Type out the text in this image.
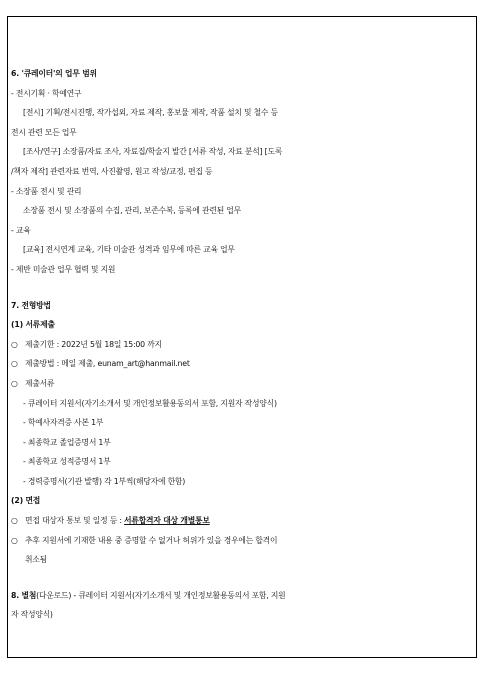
6. '큐레이터'의 업무 범위
- 전시기획 · 학예연구
[전시] 기획/전시진행, 작가섭외, 자료 제작, 홍보물 제작, 작품 설치 및 철수 등
전시 관련 모든 업무
[조사/연구] 소장품/자료 조사, 자료집/학술지 발간 [서류 작성, 자료 분석] [도록
/책자 제작] 관련자료 번역, 사진촬영, 원고 작성/교정, 편집 등
- 소장품 전시 및 관리
소장품 전시 및 소장품의 수집, 관리, 보존수복, 등록에 관련된 업무
- 교육
[교육] 전시연계 교육, 기타 미술관 성격과 임무에 따른 교육 업무
- 제반 미술관 업무 협력 및 지원
7. 전형방법
(1) 서류제출
○ 제출기한 : 2022년 5월 18일 15:00 까지
○ 제출방법 : 메일 제출, eunam_art@hanmail.net
○ 제출서류
- 큐레이터 지원서(자기소개서 및 개인정보활용동의서 포함, 지원자 작성양식)
- 학예사자격증 사본 1부
- 최종학교 졸업증명서 1부
- 최종학교 성적증명서 1부
- 경력증명서(기관 발행) 각 1부씩(해당자에 한함)
(2) 면접
○ 면접 대상자 통보 및 일정 등 : 서류합격자 대상 개별통보
○ 추후 지원서에 기재한 내용 중 증명할 수 없거나 허위가 있을 경우에는 합격이
취소됨
8. 별첨(다운로드) - 큐레이터 지원서(자기소개서 및 개인정보활용동의서 포함, 지원
자 작성양식)
